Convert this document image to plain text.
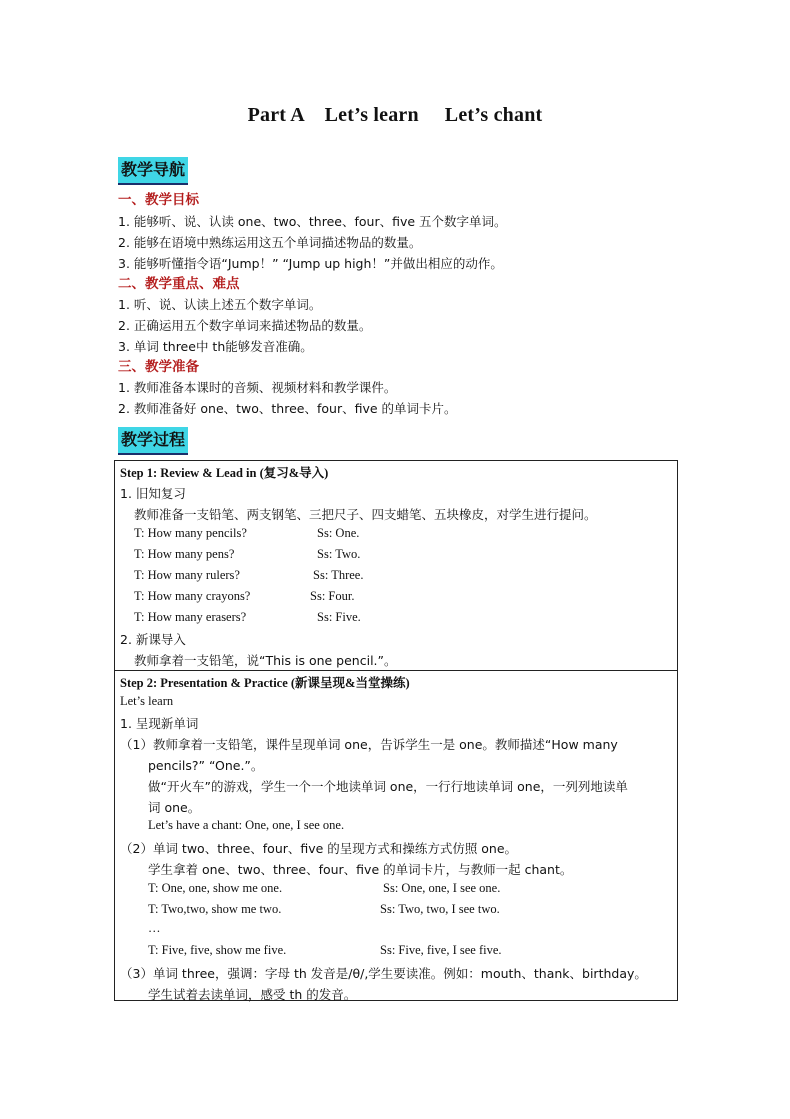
Part A    Let’s learn     Let’s chant
教学导航
一、教学目标
1. 能够听、说、认读 one、two、three、four、five 五个数字单词。
2. 能够在语境中熟练运用这五个单词描述物品的数量。
3. 能够听懂指令语“Jump！” “Jump up high！”并做出相应的动作。
二、教学重点、难点
1. 听、说、认读上述五个数字单词。
2. 正确运用五个数字单词来描述物品的数量。
3. 单词 three中 th能够发音准确。
三、教学准备
1. 教师准备本课时的音频、视频材料和教学课件。
2. 教师准备好 one、two、three、four、five 的单词卡片。
教学过程
Step 1: Review & Lead in (复习&导入)
1. 旧知复习
教师准备一支铅笔、两支钢笔、三把尺子、四支蜡笔、五块橡皮，对学生进行提问。
T: How many pencils?	Ss: One.
T: How many pens?	Ss: Two.
T: How many rulers?	Ss: Three.
T: How many crayons?	Ss: Four.
T: How many erasers?	Ss: Five.
2. 新课导入
教师拿着一支铅笔，说“This is one pencil.”。
Step 2: Presentation & Practice (新课呈现&当堂操练)
Let’s learn
1. 呈现新单词
（1）教师拿着一支铅笔，课件呈现单词 one，告诉学生一是 one。教师描述“How many
pencils?” “One.”。
做“开火车”的游戏，学生一个一个地读单词 one，一行行地读单词 one，一列列地读单
词 one。
Let’s have a chant: One, one, I see one.
（2）单词 two、three、four、five 的呈现方式和操练方式仿照 one。
学生拿着 one、two、three、four、five 的单词卡片，与教师一起 chant。
T: One, one, show me one.	Ss: One, one, I see one.
T: Two,two, show me two.	Ss: Two, two, I see two.
…
T: Five, five, show me five.	Ss: Five, five, I see five.
（3）单词 three，强调：字母 th 发音是/θ/,学生要读准。例如：mouth、thank、birthday。
学生试着去读单词，感受 th 的发音。
